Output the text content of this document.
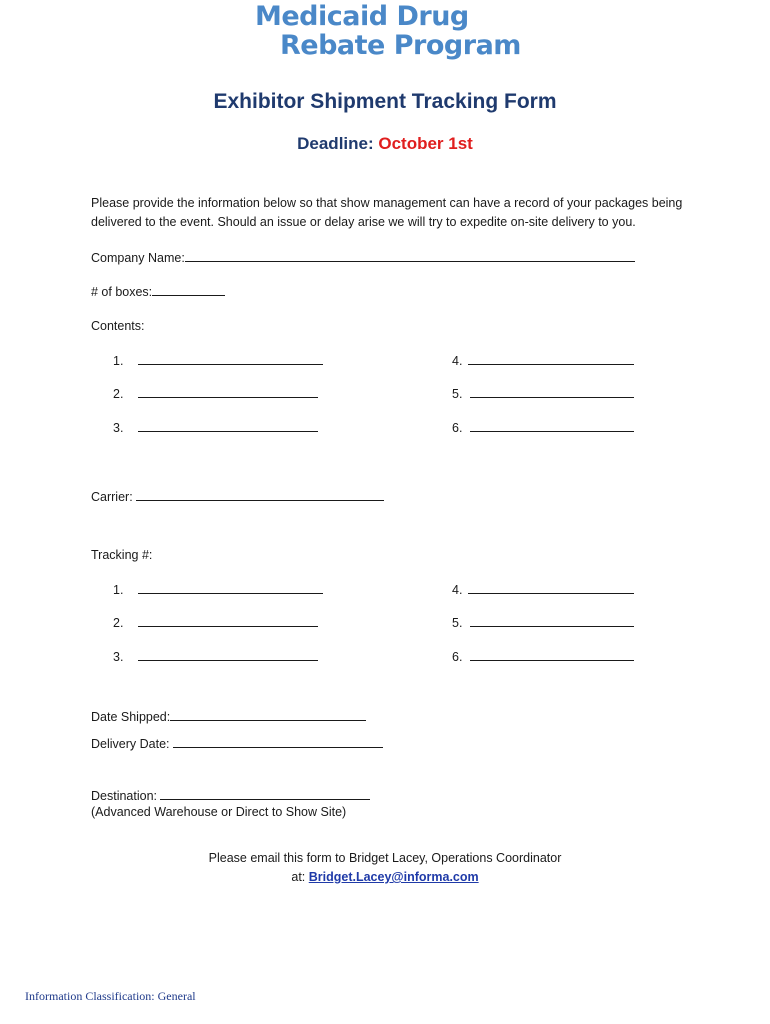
Medicaid Drug
Rebate Program
Exhibitor Shipment Tracking Form
Deadline: October 1st
Please provide the information below so that show management can have a record of your packages being delivered to the event. Should an issue or delay arise we will try to expedite on-site delivery to you.
Company Name:
# of boxes:
Contents:
1.
2.
3.
4.
5.
6.
Carrier:
Tracking #:
1.
2.
3.
4.
5.
6.
Date Shipped:
Delivery Date:
Destination:
(Advanced Warehouse or Direct to Show Site)
Please email this form to Bridget Lacey, Operations Coordinator
at: Bridget.Lacey@informa.com
Information Classification: General
